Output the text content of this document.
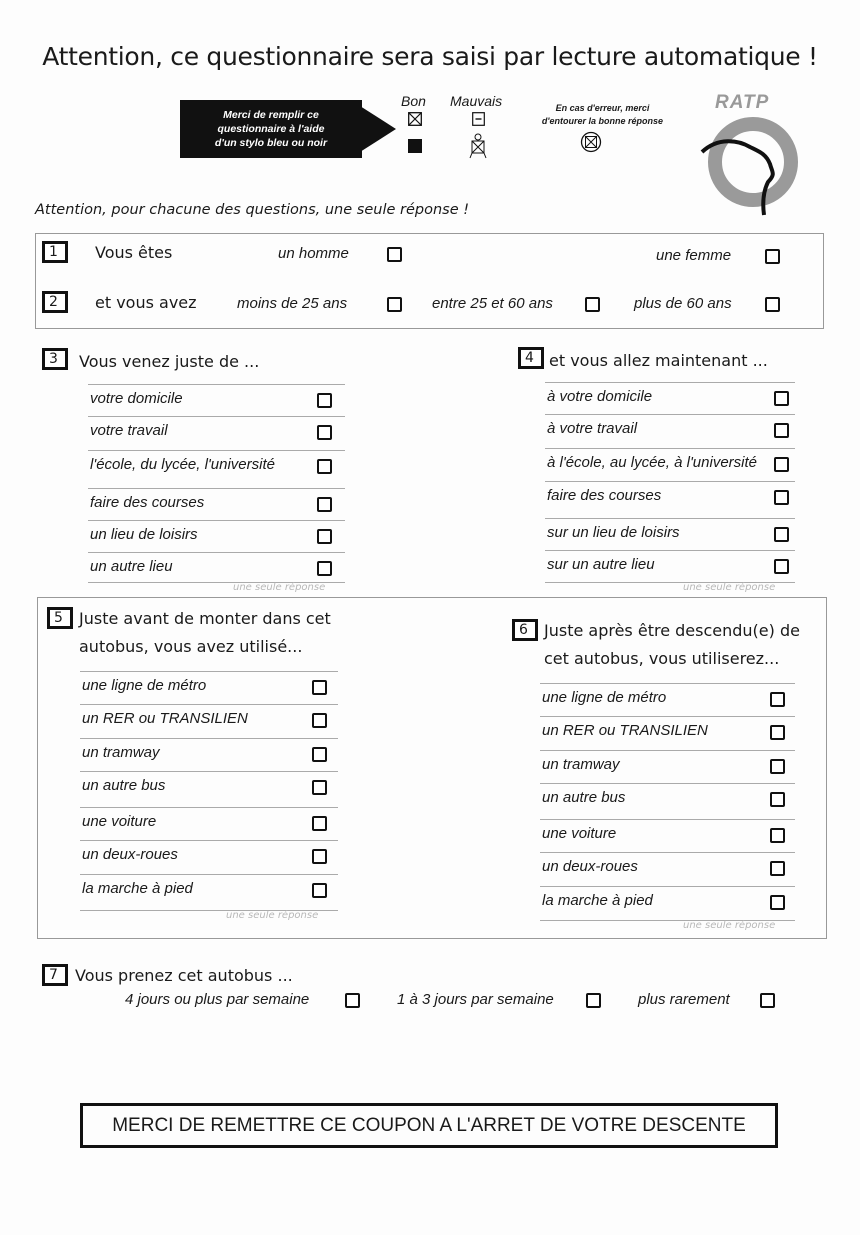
Attention, ce questionnaire sera saisi par lecture automatique !
Merci de remplir ce
questionnaire à l'aide
d'un stylo bleu ou noir
Bon Mauvais	En cas d'erreur, merci
d'entourer la bonne réponse
RATP
Attention, pour chacune des questions, une seule réponse !
MERCI DE REMETTRE CE COUPON A L'ARRET DE VOTRE DESCENTE
1	Vous êtes	un homme	une femme
2	et vous avez	moins de 25 ans	entre 25 et 60 ans	plus de 60 ans
3	Vous venez juste de ...
votre domicile
votre travail
l'école, du lycée, l'université
faire des courses
un lieu de loisirs
un autre lieu
une seule réponse
4 et vous allez maintenant ...
à votre domicile
à votre travail
à l'école, au lycée, à l'université
faire des courses
sur un lieu de loisirs
sur un autre lieu
une seule réponse
5	Juste avant de monter dans cet
autobus, vous avez utilisé...
une ligne de métro
un RER ou TRANSILIEN
un tramway
un autre bus
une voiture
un deux-roues
la marche à pied
une seule réponse
6	Juste après être descendu(e) de
cet autobus, vous utiliserez...
une ligne de métro
un RER ou TRANSILIEN
un tramway
un autre bus
une voiture
un deux-roues
la marche à pied
une seule réponse
7	Vous prenez cet autobus ...
4 jours ou plus par semaine	1 à 3 jours par semaine	plus rarement
